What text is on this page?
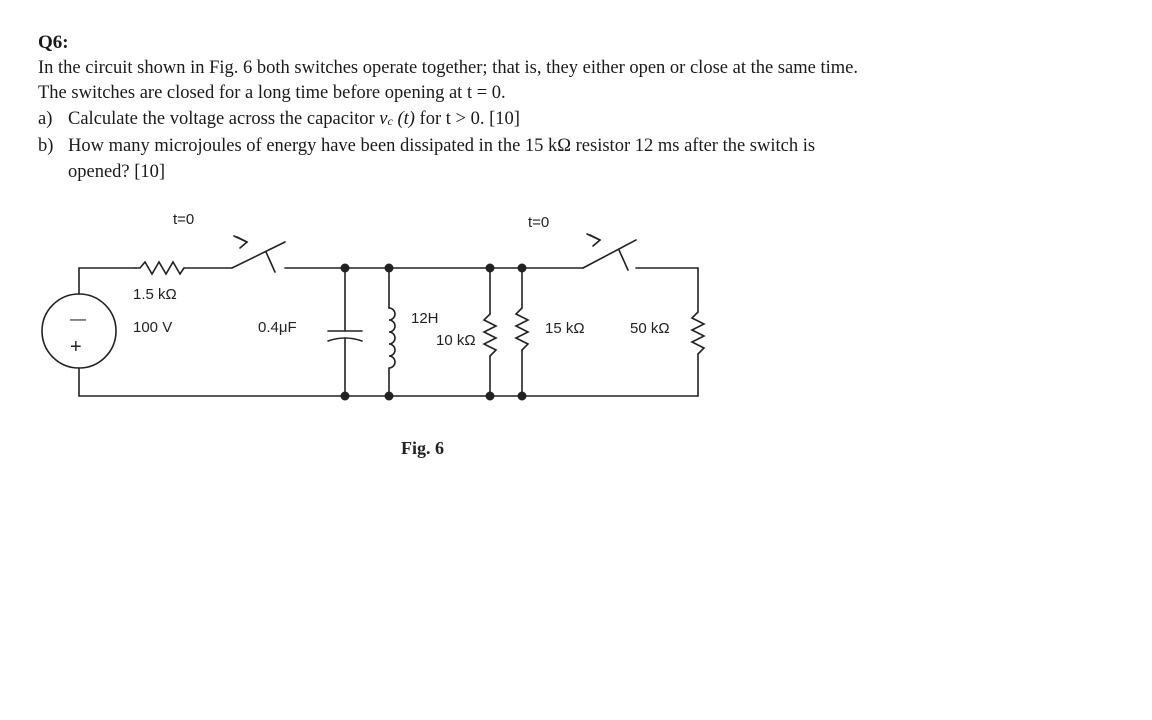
Q6:

In the circuit shown in Fig. 6 both switches operate together; that is, they either open or close at the same time. The switches are closed for a long time before opening at t = 0.

a) Calculate the voltage across the capacitor vc (t) for t > 0. [10]
b) How many microjoules of energy have been dissipated in the 15 kΩ resistor 12 ms after the switch is opened? [10]
t=0	t=0
1.5 kΩ
100 V
—
+
0.4μF
12H
10 kΩ
15 kΩ	50 kΩ
Fig. 6
